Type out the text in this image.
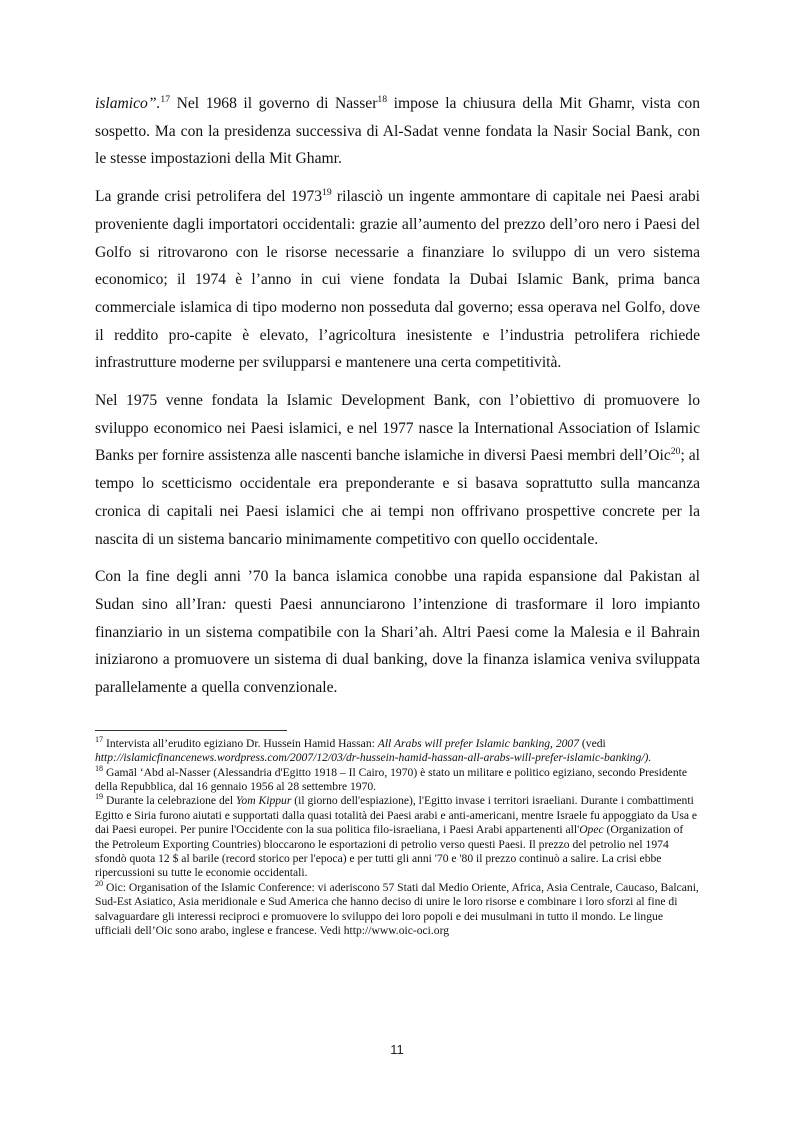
islamico”.$^{17}$ Nel 1968 il governo di Nasser$^{18}$ impose la chiusura della Mit Ghamr, vista con sospetto. Ma con la presidenza successiva di Al-Sadat venne fondata la Nasir Social Bank, con le stesse impostazioni della Mit Ghamr.

La grande crisi petrolifera del 1973$^{19}$ rilasciò un ingente ammontare di capitale nei Paesi arabi proveniente dagli importatori occidentali: grazie all’aumento del prezzo dell’oro nero i Paesi del Golfo si ritrovarono con le risorse necessarie a finanziare lo sviluppo di un vero sistema economico; il 1974 è l’anno in cui viene fondata la Dubai Islamic Bank, prima banca commerciale islamica di tipo moderno non posseduta dal governo; essa operava nel Golfo, dove il reddito pro-capite è elevato, l’agricoltura inesistente e l’industria petrolifera richiede infrastrutture moderne per svilupparsi e mantenere una certa competitività.

Nel 1975 venne fondata la Islamic Development Bank, con l’obiettivo di promuovere lo sviluppo economico nei Paesi islamici, e nel 1977 nasce la International Association of Islamic Banks per fornire assistenza alle nascenti banche islamiche in diversi Paesi membri dell’Oic$^{20}$; al tempo lo scetticismo occidentale era preponderante e si basava soprattutto sulla mancanza cronica di capitali nei Paesi islamici che ai tempi non offrivano prospettive concrete per la nascita di un sistema bancario minimamente competitivo con quello occidentale.

Con la fine degli anni ’70 la banca islamica conobbe una rapida espansione dal Pakistan al Sudan sino all’Iran: questi Paesi annunciarono l’intenzione di trasformare il loro impianto finanziario in un sistema compatibile con la Shari’ah. Altri Paesi come la Malesia e il Bahrain iniziarono a promuovere un sistema di dual banking, dove la finanza islamica veniva sviluppata parallelamente a quella convenzionale.

$^{17}$ Intervista all’erudito egiziano Dr. Hussein Hamid Hassan: All Arabs will prefer Islamic banking, 2007 (vedi http://islamicfinancenews.wordpress.com/2007/12/03/dr-hussein-hamid-hassan-all-arabs-will-prefer-islamic-banking/).

$^{18}$ Gamāl ‘Abd al-Nasser (Alessandria d'Egitto 1918 – Il Cairo, 1970) è stato un militare e politico egiziano, secondo Presidente della Repubblica, dal 16 gennaio 1956 al 28 settembre 1970.

$^{19}$ Durante la celebrazione del Yom Kippur (il giorno dell'espiazione), l'Egitto invase i territori israeliani. Durante i combattimenti Egitto e Siria furono aiutati e supportati dalla quasi totalità dei Paesi arabi e anti-americani, mentre Israele fu appoggiato da Usa e dai Paesi europei. Per punire l'Occidente con la sua politica filo-israeliana, i Paesi Arabi appartenenti all'Opec (Organization of the Petroleum Exporting Countries) bloccarono le esportazioni di petrolio verso questi Paesi. Il prezzo del petrolio nel 1974 sfondò quota 12 $ al barile (record storico per l'epoca) e per tutti gli anni '70 e '80 il prezzo continuò a salire. La crisi ebbe ripercussioni su tutte le economie occidentali.

$^{20}$ Oic: Organisation of the Islamic Conference: vi aderiscono 57 Stati dal Medio Oriente, Africa, Asia Centrale, Caucaso, Balcani, Sud-Est Asiatico, Asia meridionale e Sud America che hanno deciso di unire le loro risorse e combinare i loro sforzi al fine di salvaguardare gli interessi reciproci e promuovere lo sviluppo dei loro popoli e dei musulmani in tutto il mondo. Le lingue ufficiali dell’Oic sono arabo, inglese e francese. Vedi http://www.oic-oci.org

11
